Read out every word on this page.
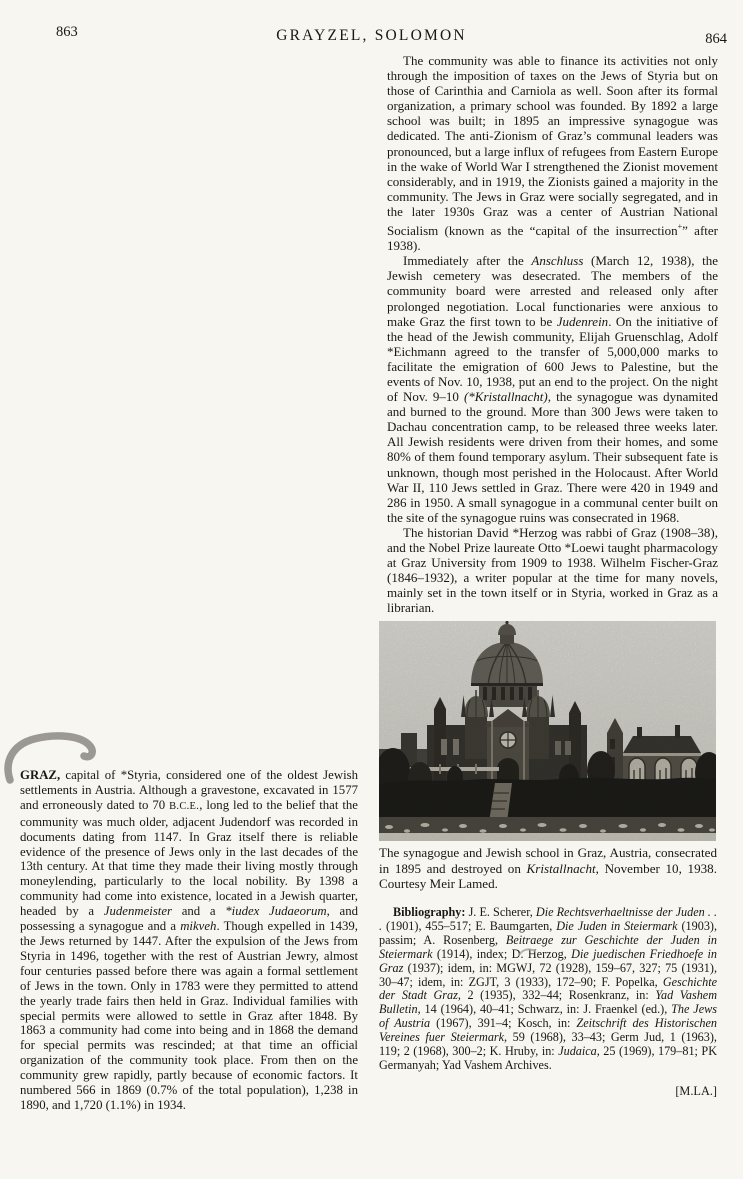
863	GRAYZEL, SOLOMON	864

GRAZ, capital of *Styria, considered one of the oldest Jewish settlements in Austria. Although a gravestone, excavated in 1577 and erroneously dated to 70 B.C.E., long led to the belief that the community was much older, adjacent Judendorf was recorded in documents dating from 1147. In Graz itself there is reliable evidence of the presence of Jews only in the last decades of the 13th century. At that time they made their living mostly through moneylending, particularly to the local nobility. By 1398 a community had come into existence, located in a Jewish quarter, headed by a Judenmeister and a *iudex Judaeorum, and possessing a synagogue and a mikveh. Though expelled in 1439, the Jews returned by 1447. After the expulsion of the Jews from Styria in 1496, together with the rest of Austrian Jewry, almost four centuries passed before there was again a formal settlement of Jews in the town. Only in 1783 were they permitted to attend the yearly trade fairs then held in Graz. Individual families with special permits were allowed to settle in Graz after 1848. By 1863 a community had come into being and in 1868 the demand for special permits was rescinded; at that time an official organization of the community took place. From then on the community grew rapidly, partly because of economic factors. It numbered 566 in 1869 (0.7% of the total population), 1,238 in 1890, and 1,720 (1.1%) in 1934.

The community was able to finance its activities not only through the imposition of taxes on the Jews of Styria but on those of Carinthia and Carniola as well. Soon after its formal organization, a primary school was founded. By 1892 a large school was built; in 1895 an impressive synagogue was dedicated. The anti-Zionism of Graz’s communal leaders was pronounced, but a large influx of refugees from Eastern Europe in the wake of World War I strengthened the Zionist movement considerably, and in 1919, the Zionists gained a majority in the community. The Jews in Graz were socially segregated, and in the later 1930s Graz was a center of Austrian National Socialism (known as the “capital of the insurrection+” after 1938).

Immediately after the Anschluss (March 12, 1938), the Jewish cemetery was desecrated. The members of the community board were arrested and released only after prolonged negotiation. Local functionaries were anxious to make Graz the first town to be Judenrein. On the initiative of the head of the Jewish community, Elijah Gruenschlag, Adolf *Eichmann agreed to the transfer of 5,000,000 marks to facilitate the emigration of 600 Jews to Palestine, but the events of Nov. 10, 1938, put an end to the project. On the night of Nov. 9–10 (*Kristallnacht), the synagogue was dynamited and burned to the ground. More than 300 Jews were taken to Dachau concentration camp, to be released three weeks later. All Jewish residents were driven from their homes, and some 80% of them found temporary asylum. Their subsequent fate is unknown, though most perished in the Holocaust. After World War II, 110 Jews settled in Graz. There were 420 in 1949 and 286 in 1950. A small synagogue in a communal center built on the site of the synagogue ruins was consecrated in 1968.

The historian David *Herzog was rabbi of Graz (1908–38), and the Nobel Prize laureate Otto *Loewi taught pharmacology at Graz University from 1909 to 1938. Wilhelm Fischer-Graz (1846–1932), a writer popular at the time for many novels, mainly set in the town itself or in Styria, worked in Graz as a librarian.

The synagogue and Jewish school in Graz, Austria, consecrated in 1895 and destroyed on Kristallnacht, November 10, 1938. Courtesy Meir Lamed.

Bibliography: J. E. Scherer, Die Rechtsverhaeltnisse der Juden . . . (1901), 455–517; E. Baumgarten, Die Juden in Steiermark (1903), passim; A. Rosenberg, Beitraege zur Geschichte der Juden in Steiermark (1914), index; D. Herzog, Die juedischen Friedhoefe in Graz (1937); idem, in: MGWJ, 72 (1928), 159–67, 327; 75 (1931), 30–47; idem, in: ZGJT, 3 (1933), 172–90; F. Popelka, Geschichte der Stadt Graz, 2 (1935), 332–44; Rosenkranz, in: Yad Vashem Bulletin, 14 (1964), 40–41; Schwarz, in: J. Fraenkel (ed.), The Jews of Austria (1967), 391–4; Kosch, in: Zeitschrift des Historischen Vereines fuer Steiermark, 59 (1968), 33–43; Germ Jud, 1 (1963), 119; 2 (1968), 300–2; K. Hruby, in: Judaica, 25 (1969), 179–81; PK Germanyah; Yad Vashem Archives.

[M.LA.]
